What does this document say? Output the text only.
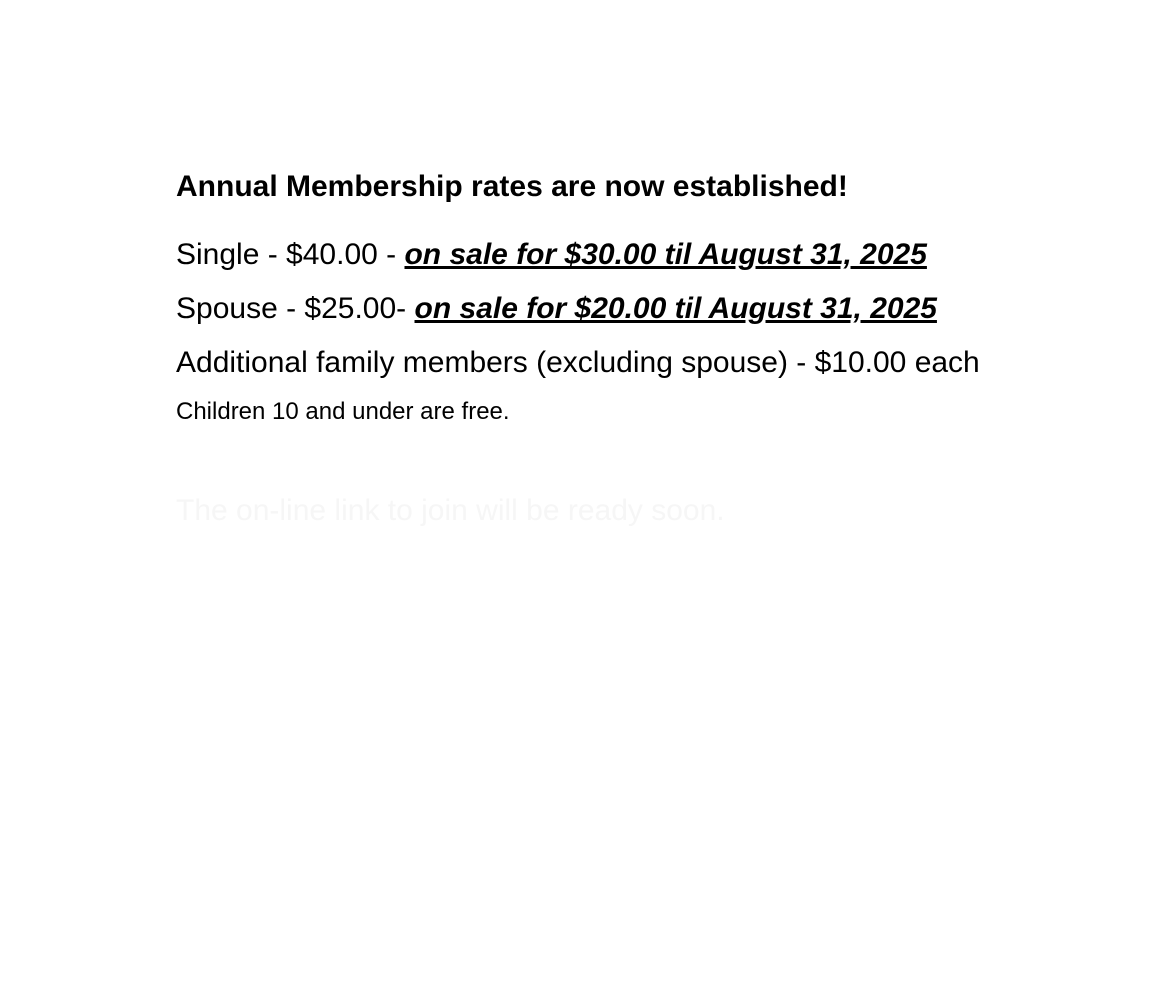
Annual Membership rates are now established!

Single - $40.00 - on sale for $30.00 til August 31, 2025

Spouse - $25.00- on sale for $20.00 til August 31, 2025

Additional family members (excluding spouse) - $10.00 each

Children 10 and under are free.

The on-line link to join will be ready soon.
